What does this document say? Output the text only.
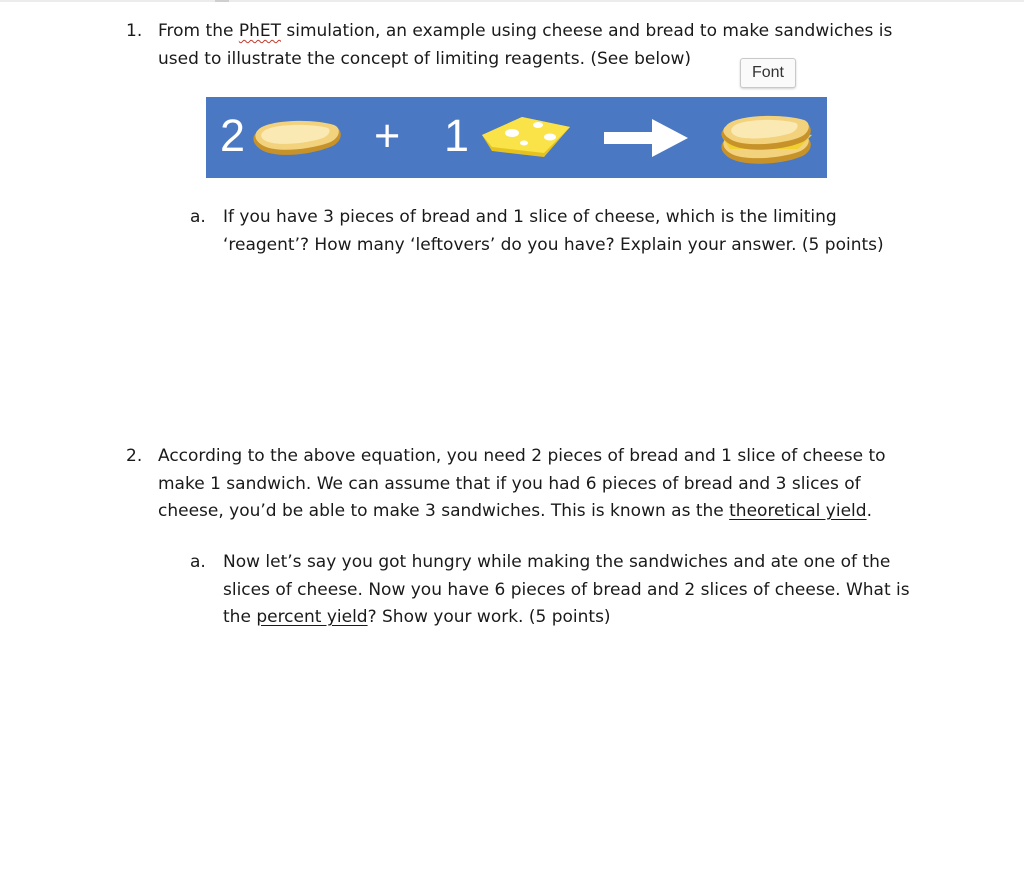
1. From the PhET simulation, an example using cheese and bread to make sandwiches is

used to illustrate the concept of limiting reagents. (See below)

Font
2	+ 1
a. If you have 3 pieces of bread and 1 slice of cheese, which is the limiting

‘reagent’? How many ‘leftovers’ do you have? Explain your answer. (5 points)

2. According to the above equation, you need 2 pieces of bread and 1 slice of cheese to

make 1 sandwich. We can assume that if you had 6 pieces of bread and 3 slices of

cheese, you’d be able to make 3 sandwiches. This is known as the theoretical yield.

a. Now let’s say you got hungry while making the sandwiches and ate one of the

slices of cheese. Now you have 6 pieces of bread and 2 slices of cheese. What is

the percent yield? Show your work. (5 points)
